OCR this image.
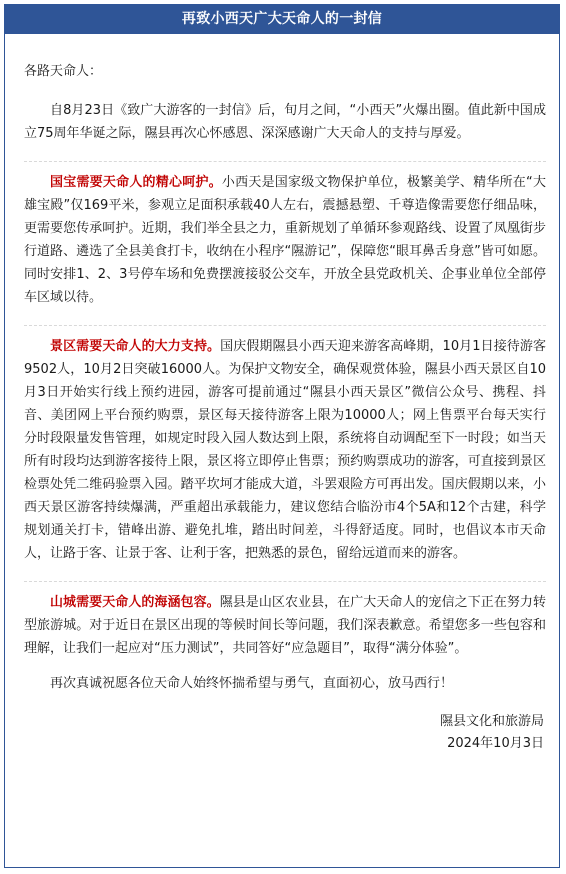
再致小西天广大天命人的一封信

各路天命人：

自8月23日《致广大游客的一封信》后，旬月之间，“小西天”火爆出圈。值此新中国成立75周年华诞之际，隰县再次心怀感恩、深深感谢广大天命人的支持与厚爱。

国宝需要天命人的精心呵护。小西天是国家级文物保护单位，极繁美学、精华所在“大雄宝殿”仅169平米，参观立足面积承载40人左右，震撼悬塑、千尊造像需要您仔细品味，更需要您传承呵护。近期，我们举全县之力，重新规划了单循环参观路线、设置了凤凰街步行道路、遴选了全县美食打卡，收纳在小程序“隰游记”，保障您“眼耳鼻舌身意”皆可如愿。同时安排1、2、3号停车场和免费摆渡接驳公交车，开放全县党政机关、企事业单位全部停车区域以待。

景区需要天命人的大力支持。国庆假期隰县小西天迎来游客高峰期，10月1日接待游客9502人，10月2日突破16000人。为保护文物安全，确保观赏体验，隰县小西天景区自10月3日开始实行线上预约进园，游客可提前通过“隰县小西天景区”微信公众号、携程、抖音、美团网上平台预约购票，景区每天接待游客上限为10000人；网上售票平台每天实行分时段限量发售管理，如规定时段入园人数达到上限，系统将自动调配至下一时段；如当天所有时段均达到游客接待上限，景区将立即停止售票；预约购票成功的游客，可直接到景区检票处凭二维码验票入园。踏平坎坷才能成大道，斗罢艰险方可再出发。国庆假期以来，小西天景区游客持续爆满，严重超出承载能力，建议您结合临汾市4个5A和12个古建，科学规划通关打卡，错峰出游、避免扎堆，踏出时间差，斗得舒适度。同时，也倡议本市天命人，让路于客、让景于客、让利于客，把熟悉的景色，留给远道而来的游客。

山城需要天命人的海涵包容。隰县是山区农业县，在广大天命人的宠信之下正在努力转型旅游城。对于近日在景区出现的等候时间长等问题，我们深表歉意。希望您多一些包容和理解，让我们一起应对“压力测试”，共同答好“应急题目”，取得“满分体验”。

再次真诚祝愿各位天命人始终怀揣希望与勇气，直面初心，放马西行！

隰县文化和旅游局
2024年10月3日
